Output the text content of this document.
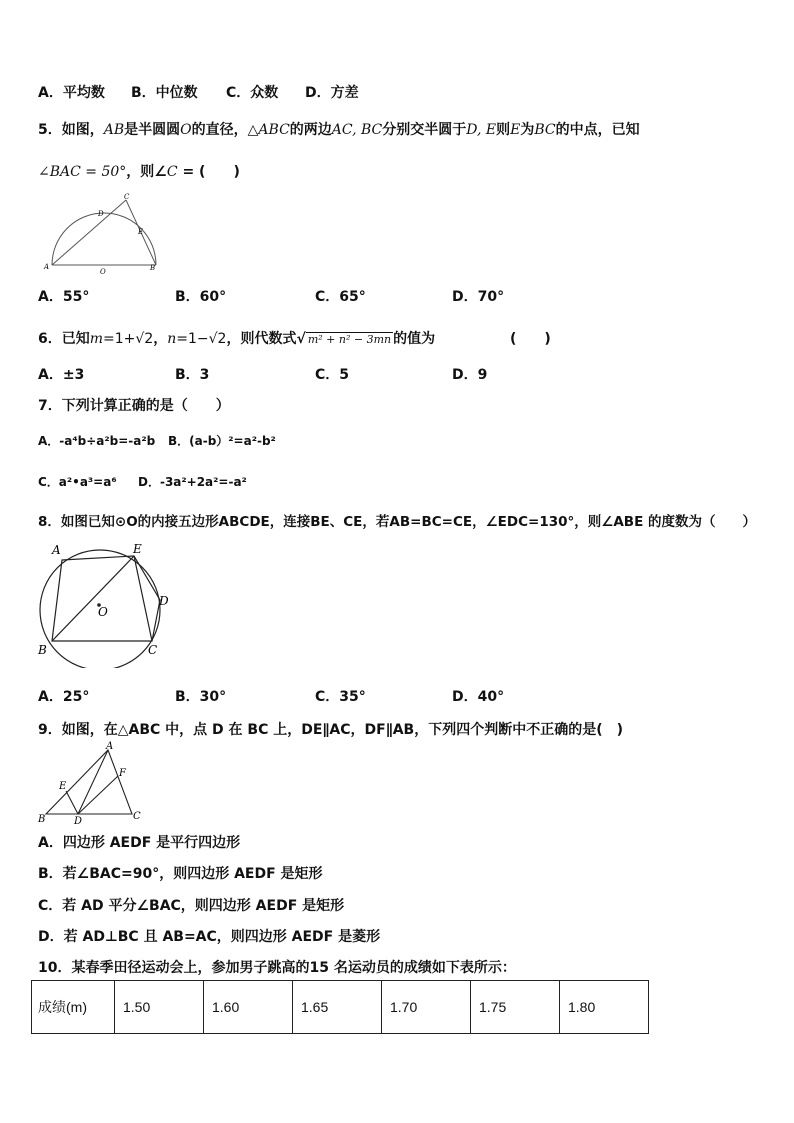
A．平均数 B．中位数 C．众数 D．方差
5．如图，AB是半圆圆O的直径，△ABC的两边AC, BC分别交半圆于D, E则E为BC的中点，已知
∠BAC = 50°，则∠C = (　　)
A	B
C
D
E
O
A．55°	B．60°	C．65°	D．70°
6．已知m=1+√2，n=1−√2，则代数式√ m² + n² − 3mn 的值为	(　　)
A．±3	B．3	C．5	D．9
7．下列计算正确的是（　　）
A．-a⁴b÷a²b=-a²b B．(a-b）²=a²-b²
C．a²•a³=a⁶ D．-3a²+2a²=-a²
8．如图已知⊙O的内接五边形ABCDE，连接BE、CE，若AB=BC=CE，∠EDC=130°，则∠ABE 的度数为（　　）
A	E
D
B	C
O
A．25°	B．30°	C．35°	D．40°
9．如图，在△ABC 中，点 D 在 BC 上，DE∥AC，DF∥AB，下列四个判断中不正确的是(　)
A
B	C
D
E
F
A．四边形 AEDF 是平行四边形
B．若∠BAC=90°，则四边形 AEDF 是矩形
C．若 AD 平分∠BAC，则四边形 AEDF 是矩形
D．若 AD⊥BC 且 AB=AC，则四边形 AEDF 是菱形
10．某春季田径运动会上，参加男子跳高的15 名运动员的成绩如下表所示：
成绩(m)	1.50	1.60	1.65	1.70	1.75	1.80
